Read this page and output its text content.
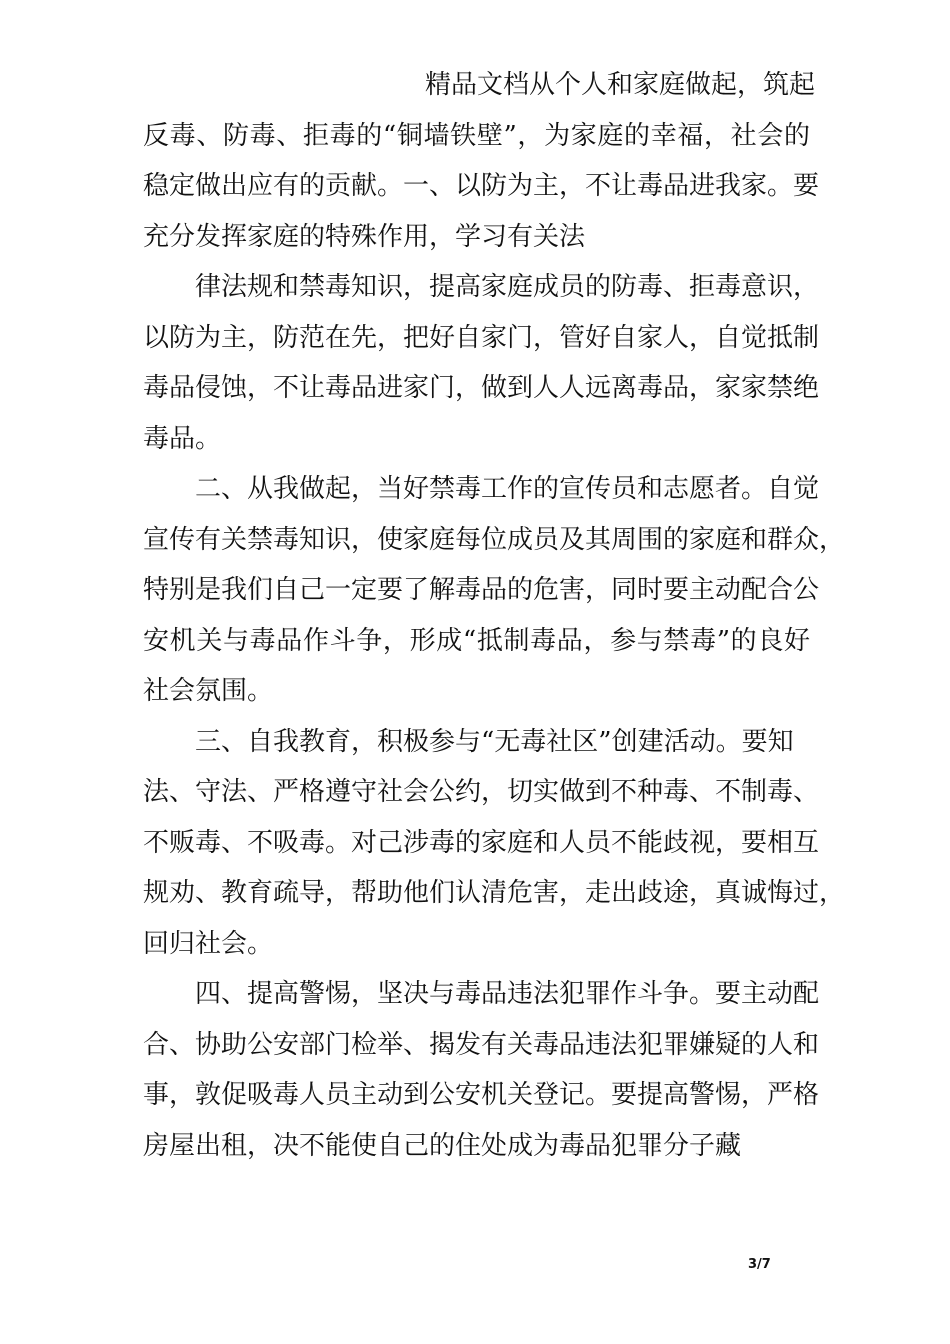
精品文档从个人和家庭做起，筑起
反毒、防毒、拒毒的“铜墙铁壁”，为家庭的幸福，社会的
稳定做出应有的贡献。一、以防为主，不让毒品进我家。要
充分发挥家庭的特殊作用，学习有关法
律法规和禁毒知识，提高家庭成员的防毒、拒毒意识，
以防为主，防范在先，把好自家门，管好自家人，自觉抵制
毒品侵蚀，不让毒品进家门，做到人人远离毒品，家家禁绝
毒品。
二、从我做起，当好禁毒工作的宣传员和志愿者。自觉
宣传有关禁毒知识，使家庭每位成员及其周围的家庭和群众，
特别是我们自己一定要了解毒品的危害，同时要主动配合公
安机关与毒品作斗争，形成“抵制毒品，参与禁毒”的良好
社会氛围。
三、自我教育，积极参与“无毒社区”创建活动。要知
法、守法、严格遵守社会公约，切实做到不种毒、不制毒、
不贩毒、不吸毒。对己涉毒的家庭和人员不能歧视，要相互
规劝、教育疏导，帮助他们认清危害，走出歧途，真诚悔过，
回归社会。
四、提高警惕，坚决与毒品违法犯罪作斗争。要主动配
合、协助公安部门检举、揭发有关毒品违法犯罪嫌疑的人和
事，敦促吸毒人员主动到公安机关登记。要提高警惕，严格
房屋出租，决不能使自己的住处成为毒品犯罪分子藏
3/7
